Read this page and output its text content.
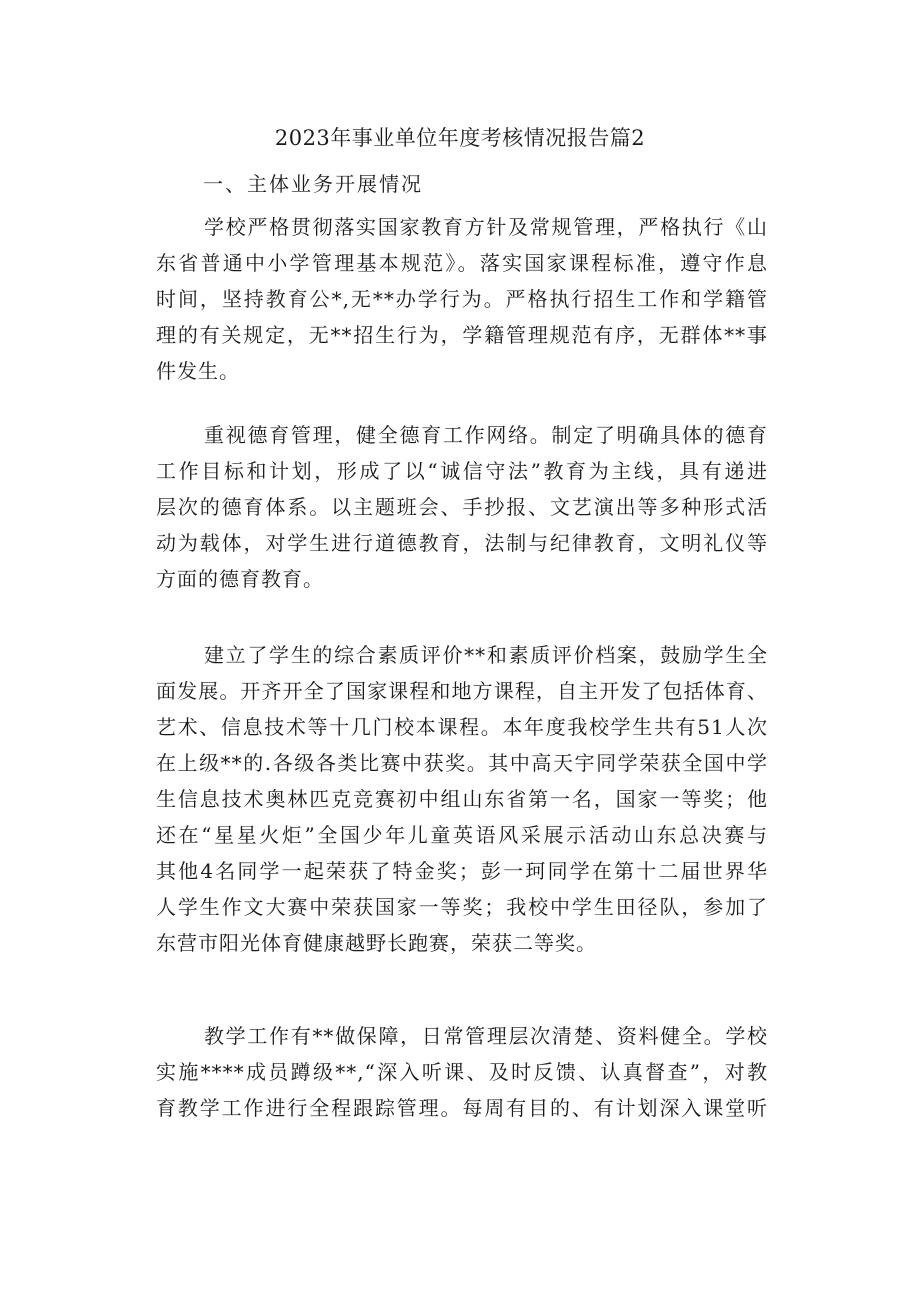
2023年事业单位年度考核情况报告篇2
一、主体业务开展情况
学校严格贯彻落实国家教育方针及常规管理，严格执行《山
东省普通中小学管理基本规范》。落实国家课程标准，遵守作息
时间，坚持教育公*,无**办学行为。严格执行招生工作和学籍管
理的有关规定，无**招生行为，学籍管理规范有序，无群体**事
件发生。
重视德育管理，健全德育工作网络。制定了明确具体的德育
工作目标和计划，形成了以“诚信守法”教育为主线，具有递进
层次的德育体系。以主题班会、手抄报、文艺演出等多种形式活
动为载体，对学生进行道德教育，法制与纪律教育，文明礼仪等
方面的德育教育。
建立了学生的综合素质评价**和素质评价档案，鼓励学生全
面发展。开齐开全了国家课程和地方课程，自主开发了包括体育、
艺术、信息技术等十几门校本课程。本年度我校学生共有51人次
在上级**的.各级各类比赛中获奖。其中高天宇同学荣获全国中学
生信息技术奥林匹克竞赛初中组山东省第一名，国家一等奖；他
还在“星星火炬”全国少年儿童英语风采展示活动山东总决赛与
其他4名同学一起荣获了特金奖；彭一珂同学在第十二届世界华
人学生作文大赛中荣获国家一等奖；我校中学生田径队，参加了
东营市阳光体育健康越野长跑赛，荣获二等奖。
教学工作有**做保障，日常管理层次清楚、资料健全。学校
实施****成员蹲级**,“深入听课、及时反馈、认真督查”，对教
育教学工作进行全程跟踪管理。每周有目的、有计划深入课堂听
